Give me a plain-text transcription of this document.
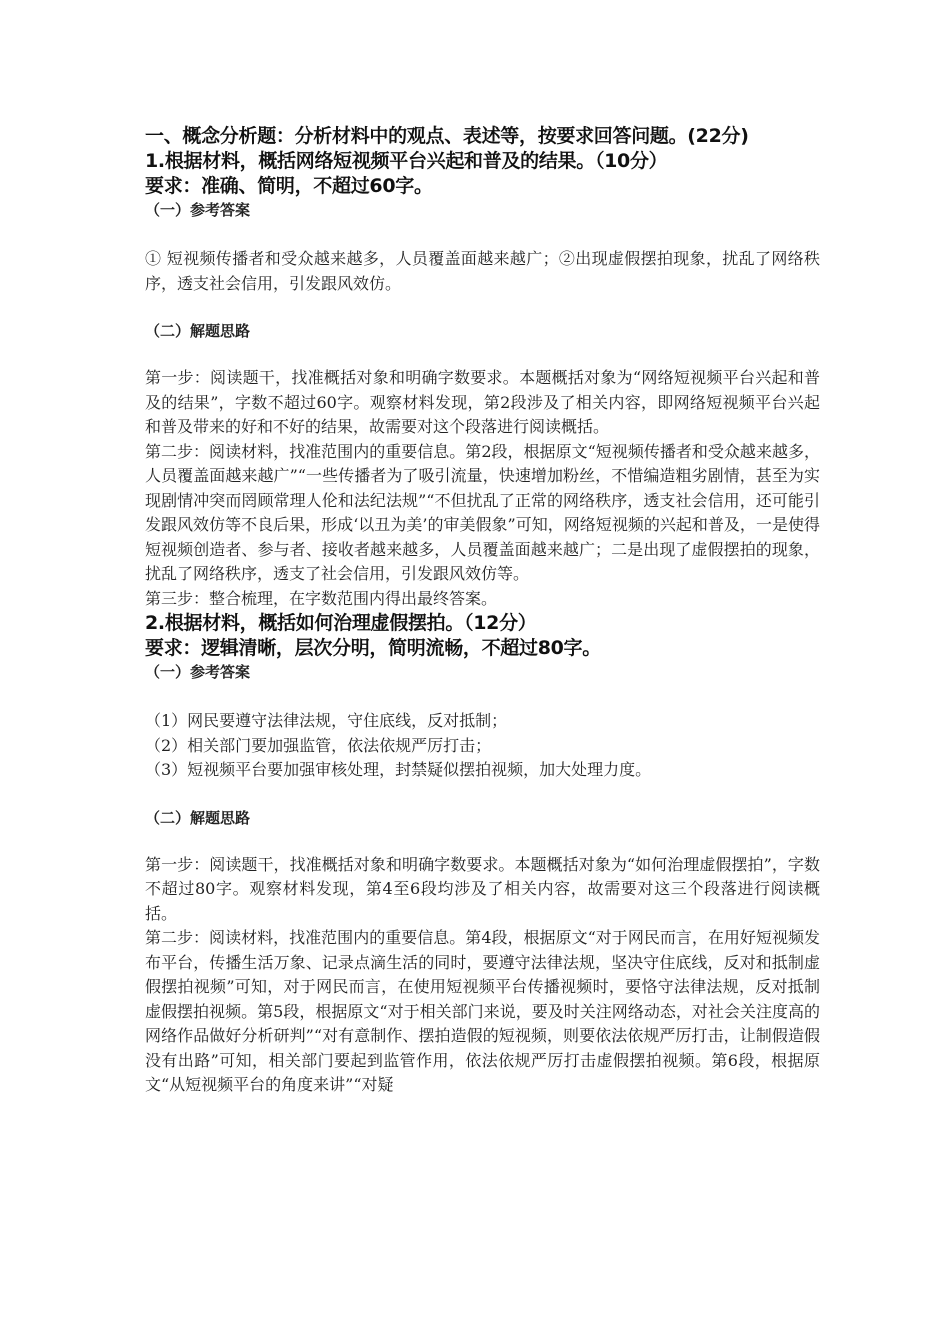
一、概念分析题：分析材料中的观点、表述等，按要求回答问题。(22分)

1.根据材料，概括网络短视频平台兴起和普及的结果。（10分）

要求：准确、简明，不超过60字。

（一）参考答案

① 短视频传播者和受众越来越多，人员覆盖面越来越广；②出现虚假摆拍现象，扰乱了网络秩序，透支社会信用，引发跟风效仿。

（二）解题思路

第一步：阅读题干，找准概括对象和明确字数要求。本题概括对象为“网络短视频平台兴起和普及的结果”，字数不超过60字。观察材料发现，第2段涉及了相关内容，即网络短视频平台兴起和普及带来的好和不好的结果，故需要对这个段落进行阅读概括。

第二步：阅读材料，找准范围内的重要信息。第2段，根据原文“短视频传播者和受众越来越多，人员覆盖面越来越广”“一些传播者为了吸引流量，快速增加粉丝，不惜编造粗劣剧情，甚至为实现剧情冲突而罔顾常理人伦和法纪法规”“不但扰乱了正常的网络秩序，透支社会信用，还可能引发跟风效仿等不良后果，形成‘以丑为美’的审美假象”可知，网络短视频的兴起和普及，一是使得短视频创造者、参与者、接收者越来越多，人员覆盖面越来越广；二是出现了虚假摆拍的现象，扰乱了网络秩序，透支了社会信用，引发跟风效仿等。

第三步：整合梳理，在字数范围内得出最终答案。

2.根据材料，概括如何治理虚假摆拍。（12分）

要求：逻辑清晰，层次分明，简明流畅，不超过80字。

（一）参考答案

（1）网民要遵守法律法规，守住底线，反对抵制；

（2）相关部门要加强监管，依法依规严厉打击；

（3）短视频平台要加强审核处理，封禁疑似摆拍视频，加大处理力度。

（二）解题思路

第一步：阅读题干，找准概括对象和明确字数要求。本题概括对象为“如何治理虚假摆拍”，字数不超过80字。观察材料发现，第4至6段均涉及了相关内容，故需要对这三个段落进行阅读概括。

第二步：阅读材料，找准范围内的重要信息。第4段，根据原文“对于网民而言，在用好短视频发布平台，传播生活万象、记录点滴生活的同时，要遵守法律法规，坚决守住底线，反对和抵制虚假摆拍视频”可知，对于网民而言，在使用短视频平台传播视频时，要恪守法律法规，反对抵制虚假摆拍视频。第5段，根据原文“对于相关部门来说，要及时关注网络动态，对社会关注度高的网络作品做好分析研判”“对有意制作、摆拍造假的短视频，则要依法依规严厉打击，让制假造假没有出路”可知，相关部门要起到监管作用，依法依规严厉打击虚假摆拍视频。第6段，根据原文“从短视频平台的角度来讲”“对疑
